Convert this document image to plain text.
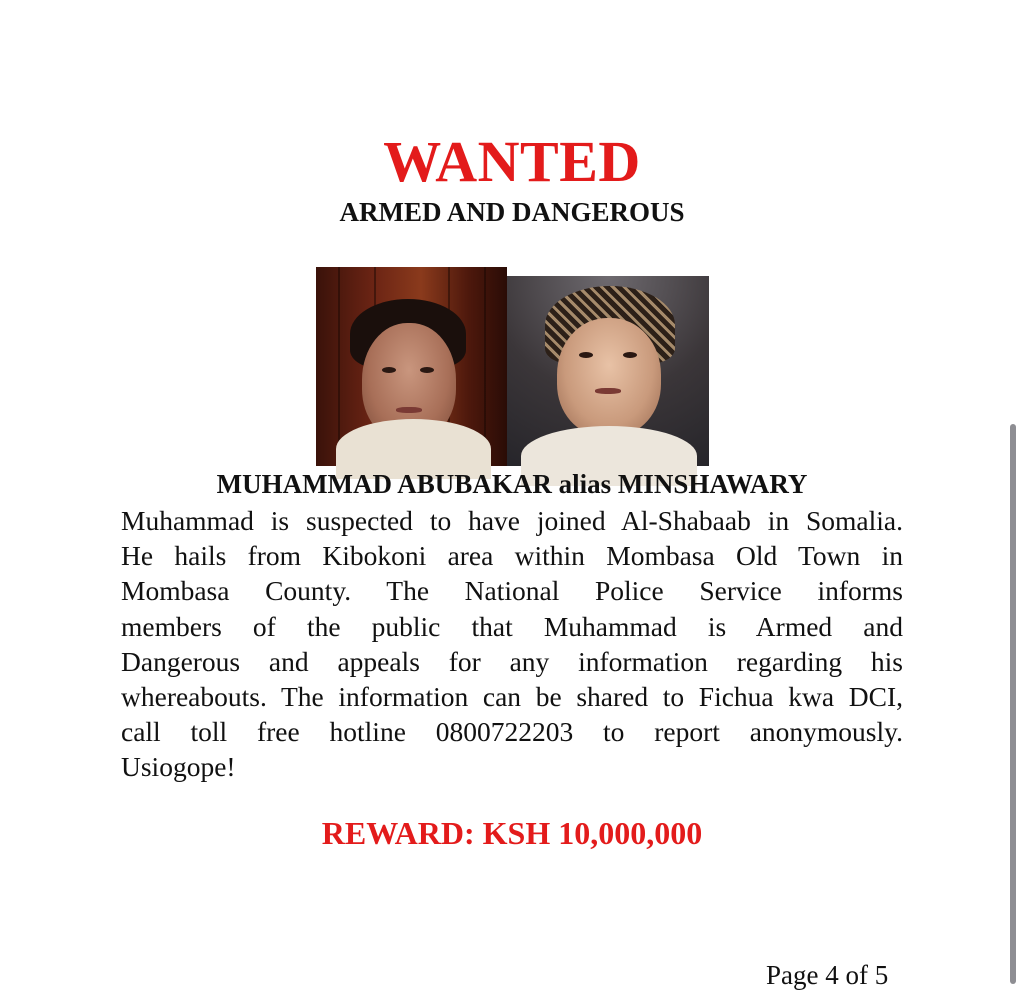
WANTED
ARMED AND DANGEROUS
MUHAMMAD ABUBAKAR alias MINSHAWARY
Muhammad is suspected to have joined Al-Shabaab in Somalia.
He hails from Kibokoni area within Mombasa Old Town in
Mombasa County. The National Police Service informs
members of the public that Muhammad is Armed and
Dangerous and appeals for any information regarding his
whereabouts. The information can be shared to Fichua kwa DCI,
call toll free hotline 0800722203 to report anonymously.
Usiogope!
REWARD: KSH 10,000,000
Page 4 of 5
